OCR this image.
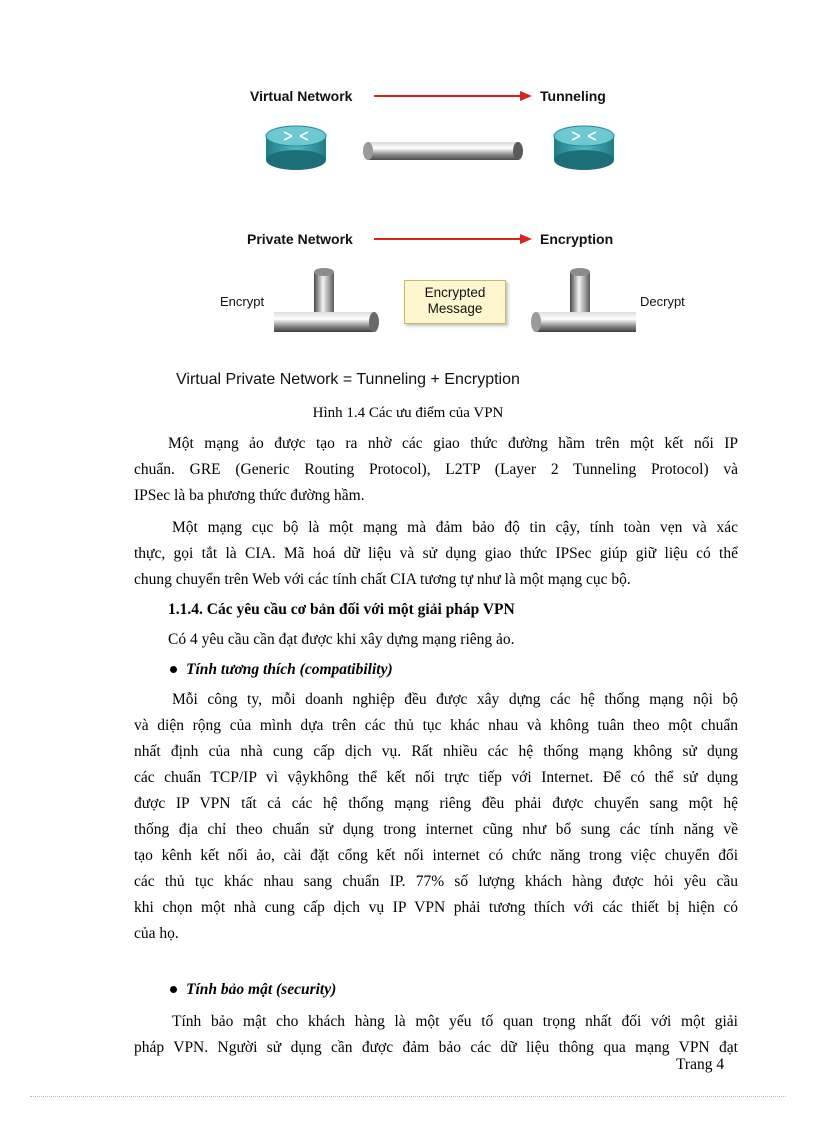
Virtual Network	Tunneling
Private Network	Encryption
Encrypt	Decrypt
Encrypted
Message
Virtual Private Network = Tunneling + Encryption
Hình 1.4 Các ưu điểm của VPN

Một mạng ảo được tạo ra nhờ các giao thức đường hầm trên một kết nối IP
chuẩn. GRE (Generic Routing Protocol), L2TP (Layer 2 Tunneling Protocol) và
IPSec là ba phương thức đường hầm.

Một mạng cục bộ là một mạng mà đảm bảo độ tin cậy, tính toàn vẹn và xác
thực, gọi tắt là CIA. Mã hoá dữ liệu và sử dụng giao thức IPSec giúp giữ liệu có thể
chung chuyển trên Web với các tính chất CIA tương tự như là một mạng cục bộ.

1.1.4. Các yêu cầu cơ bản đối với một giải pháp VPN
Có 4 yêu cầu cần đạt được khi xây dựng mạng riêng ảo.
Tính tương thích (compatibility)

Mỗi công ty, mỗi doanh nghiệp đều được xây dựng các hệ thống mạng nội bộ
và diện rộng của mình dựa trên các thủ tục khác nhau và không tuân theo một chuẩn
nhất định của nhà cung cấp dịch vụ. Rất nhiều các hệ thống mạng không sử dụng
các chuẩn TCP/IP vì vậykhông thể kết nối trực tiếp với Internet. Để có thể sử dụng
được IP VPN tất cả các hệ thống mạng riêng đều phải được chuyển sang một hệ
thống địa chỉ theo chuẩn sử dụng trong internet cũng như bổ sung các tính năng về
tạo kênh kết nối ảo, cài đặt cổng kết nối internet có chức năng trong việc chuyển đổi
các thủ tục khác nhau sang chuẩn IP. 77% số lượng khách hàng được hỏi yêu cầu
khi chọn một nhà cung cấp dịch vụ IP VPN phải tương thích với các thiết bị hiện có
của họ.

Tính bảo mật (security)

Tính bảo mật cho khách hàng là một yếu tố quan trọng nhất đối với một giải
pháp VPN. Người sử dụng cần được đảm bảo các dữ liệu thông qua mạng VPN đạt

Trang 4
